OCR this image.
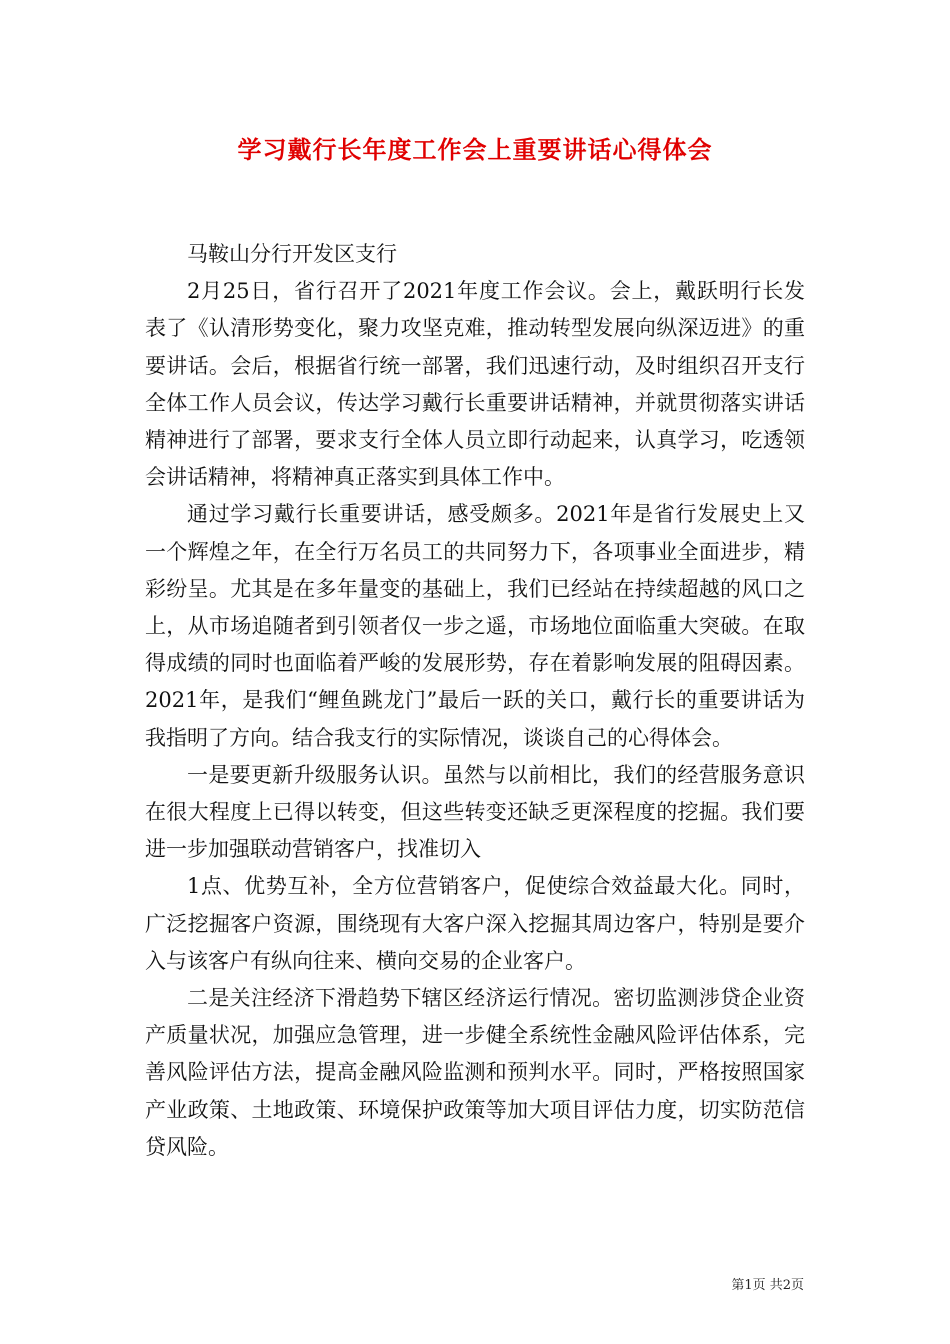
学习戴行长年度工作会上重要讲话心得体会

马鞍山分行开发区支行

2月25日，省行召开了2021年度工作会议。会上，戴跃明行长发表了《认清形势变化，聚力攻坚克难，推动转型发展向纵深迈进》的重要讲话。会后，根据省行统一部署，我们迅速行动，及时组织召开支行全体工作人员会议，传达学习戴行长重要讲话精神，并就贯彻落实讲话精神进行了部署，要求支行全体人员立即行动起来，认真学习，吃透领会讲话精神，将精神真正落实到具体工作中。

通过学习戴行长重要讲话，感受颇多。2021年是省行发展史上又一个辉煌之年，在全行万名员工的共同努力下，各项事业全面进步，精彩纷呈。尤其是在多年量变的基础上，我们已经站在持续超越的风口之上，从市场追随者到引领者仅一步之遥，市场地位面临重大突破。在取得成绩的同时也面临着严峻的发展形势，存在着影响发展的阻碍因素。2021年，是我们“鲤鱼跳龙门”最后一跃的关口，戴行长的重要讲话为我指明了方向。结合我支行的实际情况，谈谈自己的心得体会。

一是要更新升级服务认识。虽然与以前相比，我们的经营服务意识在很大程度上已得以转变，但这些转变还缺乏更深程度的挖掘。我们要进一步加强联动营销客户，找准切入

1点、优势互补，全方位营销客户，促使综合效益最大化。同时，广泛挖掘客户资源，围绕现有大客户深入挖掘其周边客户，特别是要介入与该客户有纵向往来、横向交易的企业客户。

二是关注经济下滑趋势下辖区经济运行情况。密切监测涉贷企业资产质量状况，加强应急管理，进一步健全系统性金融风险评估体系，完善风险评估方法，提高金融风险监测和预判水平。同时，严格按照国家产业政策、土地政策、环境保护政策等加大项目评估力度，切实防范信贷风险。

第1页 共2页
